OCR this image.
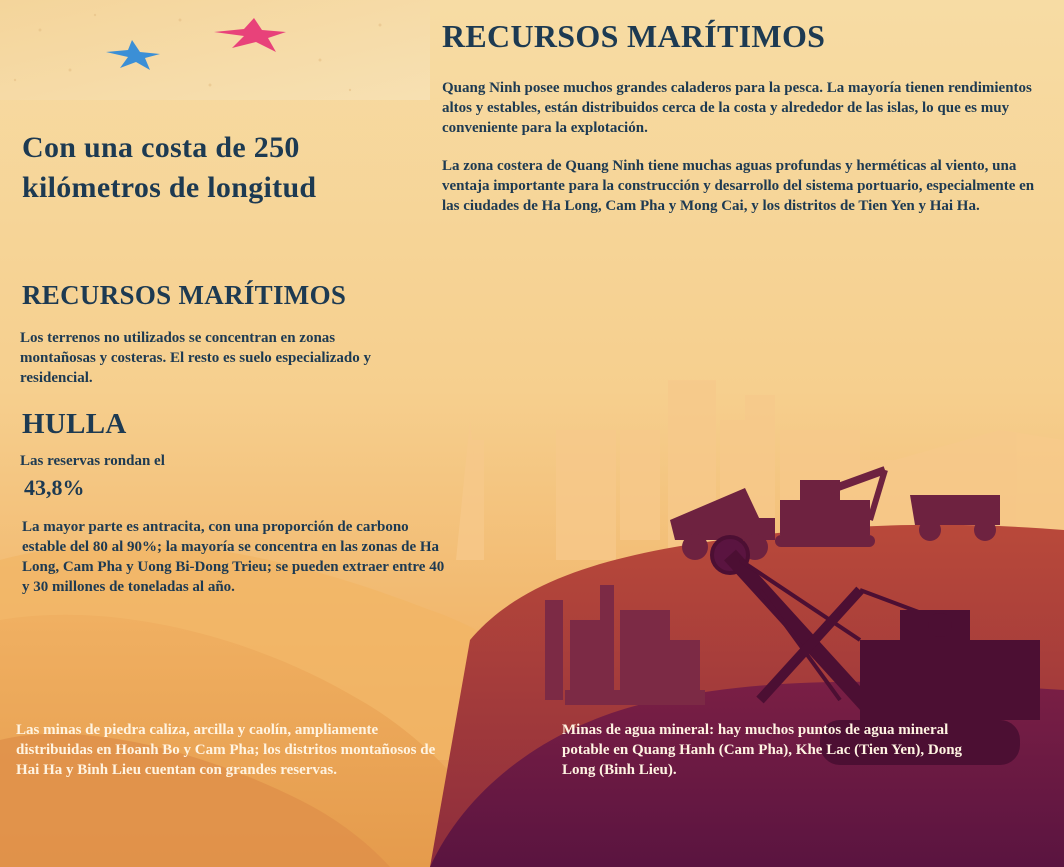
RECURSOS MARÍTIMOS

Quang Ninh posee muchos grandes caladeros para la pesca. La mayoría tienen rendimientos altos y estables, están distribuidos cerca de la costa y alrededor de las islas, lo que es muy conveniente para la explotación.

La zona costera de Quang Ninh tiene muchas aguas profundas y herméticas al viento, una ventaja importante para la construcción y desarrollo del sistema portuario, especialmente en las ciudades de Ha Long, Cam Pha y Mong Cai, y los distritos de Tien Yen y Hai Ha.

Con una costa de 250 kilómetros de longitud
RECURSOS MARÍTIMOS

Los terrenos no utilizados se concentran en zonas montañosas y costeras. El resto es suelo especializado y residencial.

HULLA

Las reservas rondan el

43,8%

La mayor parte es antracita, con una proporción de carbono estable del 80 al 90%; la mayoría se concentra en las zonas de Ha Long, Cam Pha y Uong Bi-Dong Trieu; se pueden extraer entre 40 y 30 millones de toneladas al año.

Las minas de piedra caliza, arcilla y caolín, ampliamente distribuidas en Hoanh Bo y Cam Pha; los distritos montañosos de Hai Ha y Binh Lieu cuentan con grandes reservas.

Minas de agua mineral: hay muchos puntos de agua mineral potable en Quang Hanh (Cam Pha), Khe Lac (Tien Yen), Dong Long (Binh Lieu).
